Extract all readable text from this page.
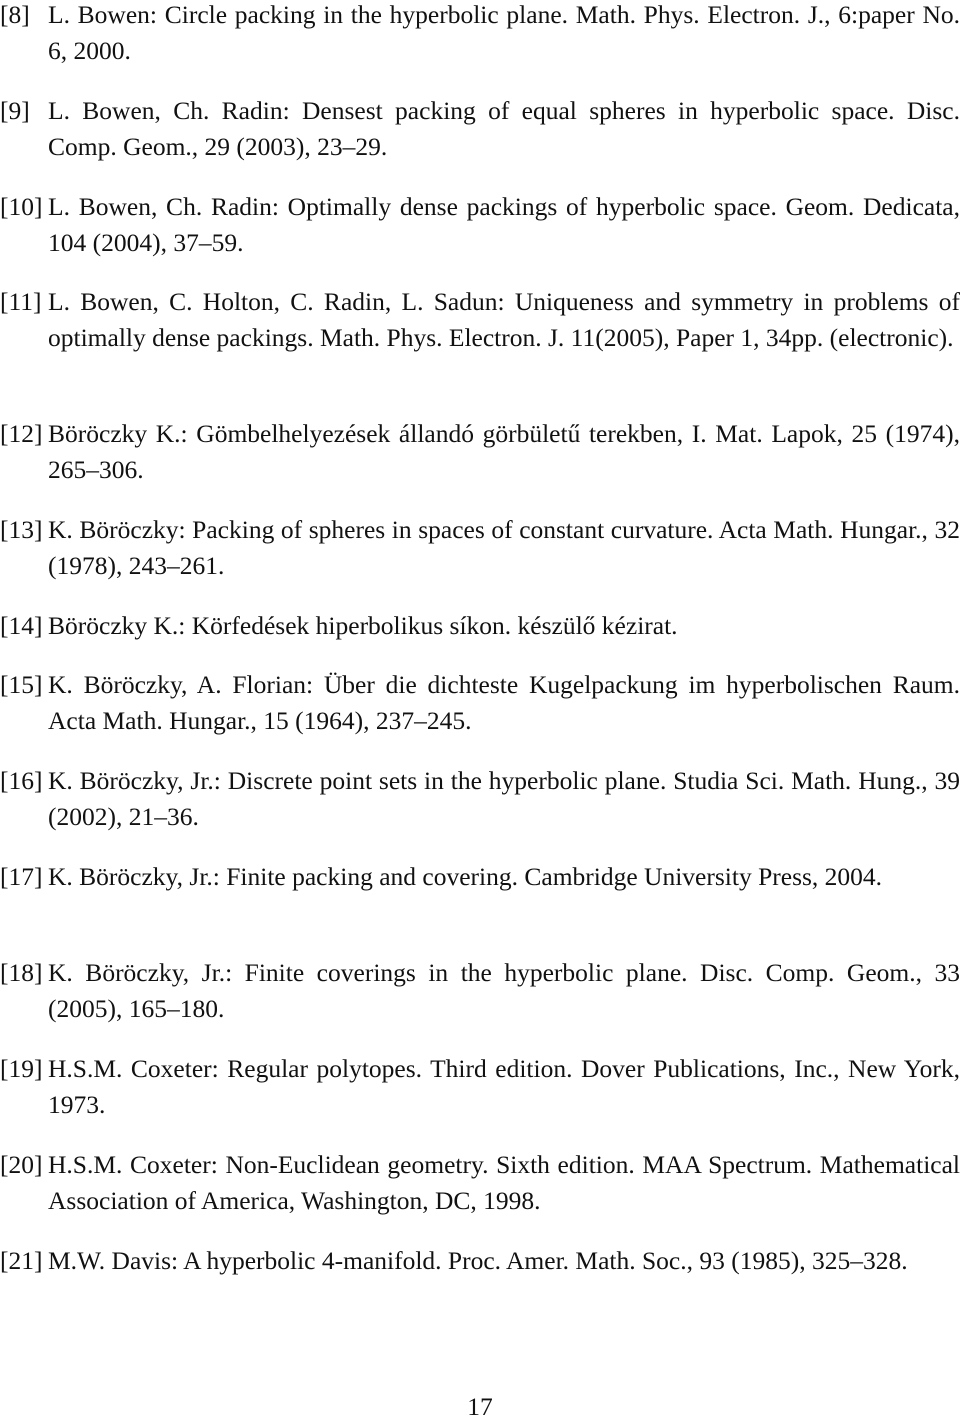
[8] L. Bowen: Circle packing in the hyperbolic plane. Math. Phys. Electron. J., 6:paper No. 6, 2000.
[9] L. Bowen, Ch. Radin: Densest packing of equal spheres in hyperbolic space. Disc. Comp. Geom., 29 (2003), 23–29.
[10] L. Bowen, Ch. Radin: Optimally dense packings of hyperbolic space. Geom. Dedicata, 104 (2004), 37–59.
[11] L. Bowen, C. Holton, C. Radin, L. Sadun: Uniqueness and symmetry in problems of optimally dense packings. Math. Phys. Electron. J. 11(2005), Paper 1, 34pp. (electronic).
[12] Böröczky K.: Gömbelhelyezések állandó görbületű terekben, I. Mat. Lapok, 25 (1974), 265–306.
[13] K. Böröczky: Packing of spheres in spaces of constant curvature. Acta Math. Hungar., 32 (1978), 243–261.
[14] Böröczky K.: Körfedések hiperbolikus síkon. készülő kézirat.
[15] K. Böröczky, A. Florian: Über die dichteste Kugelpackung im hyperbolischen Raum. Acta Math. Hungar., 15 (1964), 237–245.
[16] K. Böröczky, Jr.: Discrete point sets in the hyperbolic plane. Studia Sci. Math. Hung., 39 (2002), 21–36.
[17] K. Böröczky, Jr.: Finite packing and covering. Cambridge University Press, 2004.
[18] K. Böröczky, Jr.: Finite coverings in the hyperbolic plane. Disc. Comp. Geom., 33 (2005), 165–180.
[19] H.S.M. Coxeter: Regular polytopes. Third edition. Dover Publications, Inc., New York, 1973.
[20] H.S.M. Coxeter: Non-Euclidean geometry. Sixth edition. MAA Spectrum. Mathematical Association of America, Washington, DC, 1998.
[21] M.W. Davis: A hyperbolic 4-manifold. Proc. Amer. Math. Soc., 93 (1985), 325–328.
17
